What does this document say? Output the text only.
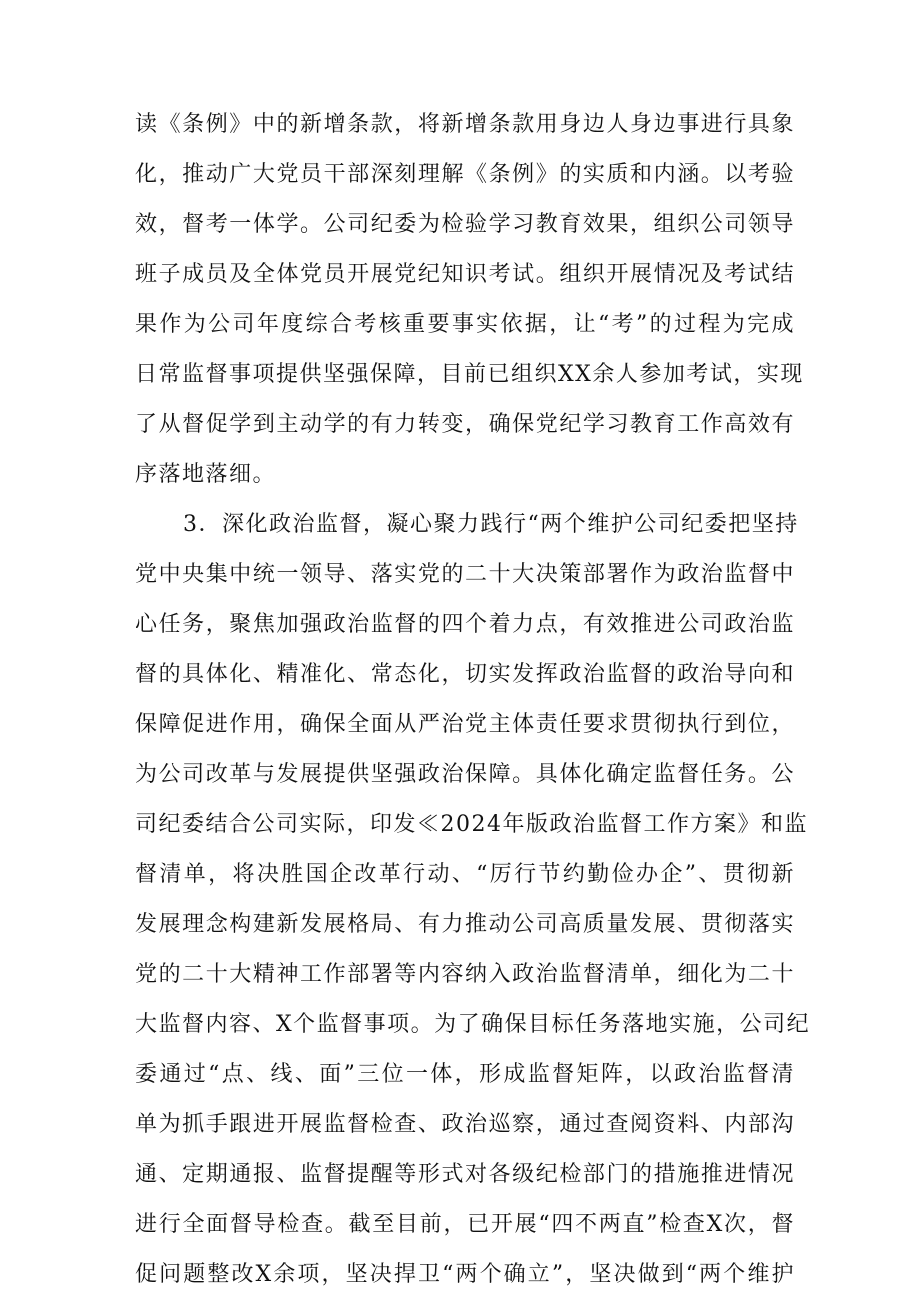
读《条例》中的新增条款，将新增条款用身边人身边事进行具象
化，推动广大党员干部深刻理解《条例》的实质和内涵。以考验
效，督考一体学。公司纪委为检验学习教育效果，组织公司领导
班子成员及全体党员开展党纪知识考试。组织开展情况及考试结
果作为公司年度综合考核重要事实依据，让“考”的过程为完成
日常监督事项提供坚强保障，目前已组织XX余人参加考试，实现
了从督促学到主动学的有力转变，确保党纪学习教育工作高效有
序落地落细。
3．深化政治监督，凝心聚力践行“两个维护公司纪委把坚持
党中央集中统一领导、落实党的二十大决策部署作为政治监督中
心任务，聚焦加强政治监督的四个着力点，有效推进公司政治监
督的具体化、精准化、常态化，切实发挥政治监督的政治导向和
保障促进作用，确保全面从严治党主体责任要求贯彻执行到位，
为公司改革与发展提供坚强政治保障。具体化确定监督任务。公
司纪委结合公司实际，印发≪2024年版政治监督工作方案》和监
督清单，将决胜国企改革行动、“厉行节约勤俭办企”、贯彻新
发展理念构建新发展格局、有力推动公司高质量发展、贯彻落实
党的二十大精神工作部署等内容纳入政治监督清单，细化为二十
大监督内容、X个监督事项。为了确保目标任务落地实施，公司纪
委通过“点、线、面”三位一体，形成监督矩阵，以政治监督清
单为抓手跟进开展监督检查、政治巡察，通过查阅资料、内部沟
通、定期通报、监督提醒等形式对各级纪检部门的措施推进情况
进行全面督导检查。截至目前，已开展“四不两直”检查X次，督
促问题整改X余项，坚决捍卫“两个确立”，坚决做到“两个维护
